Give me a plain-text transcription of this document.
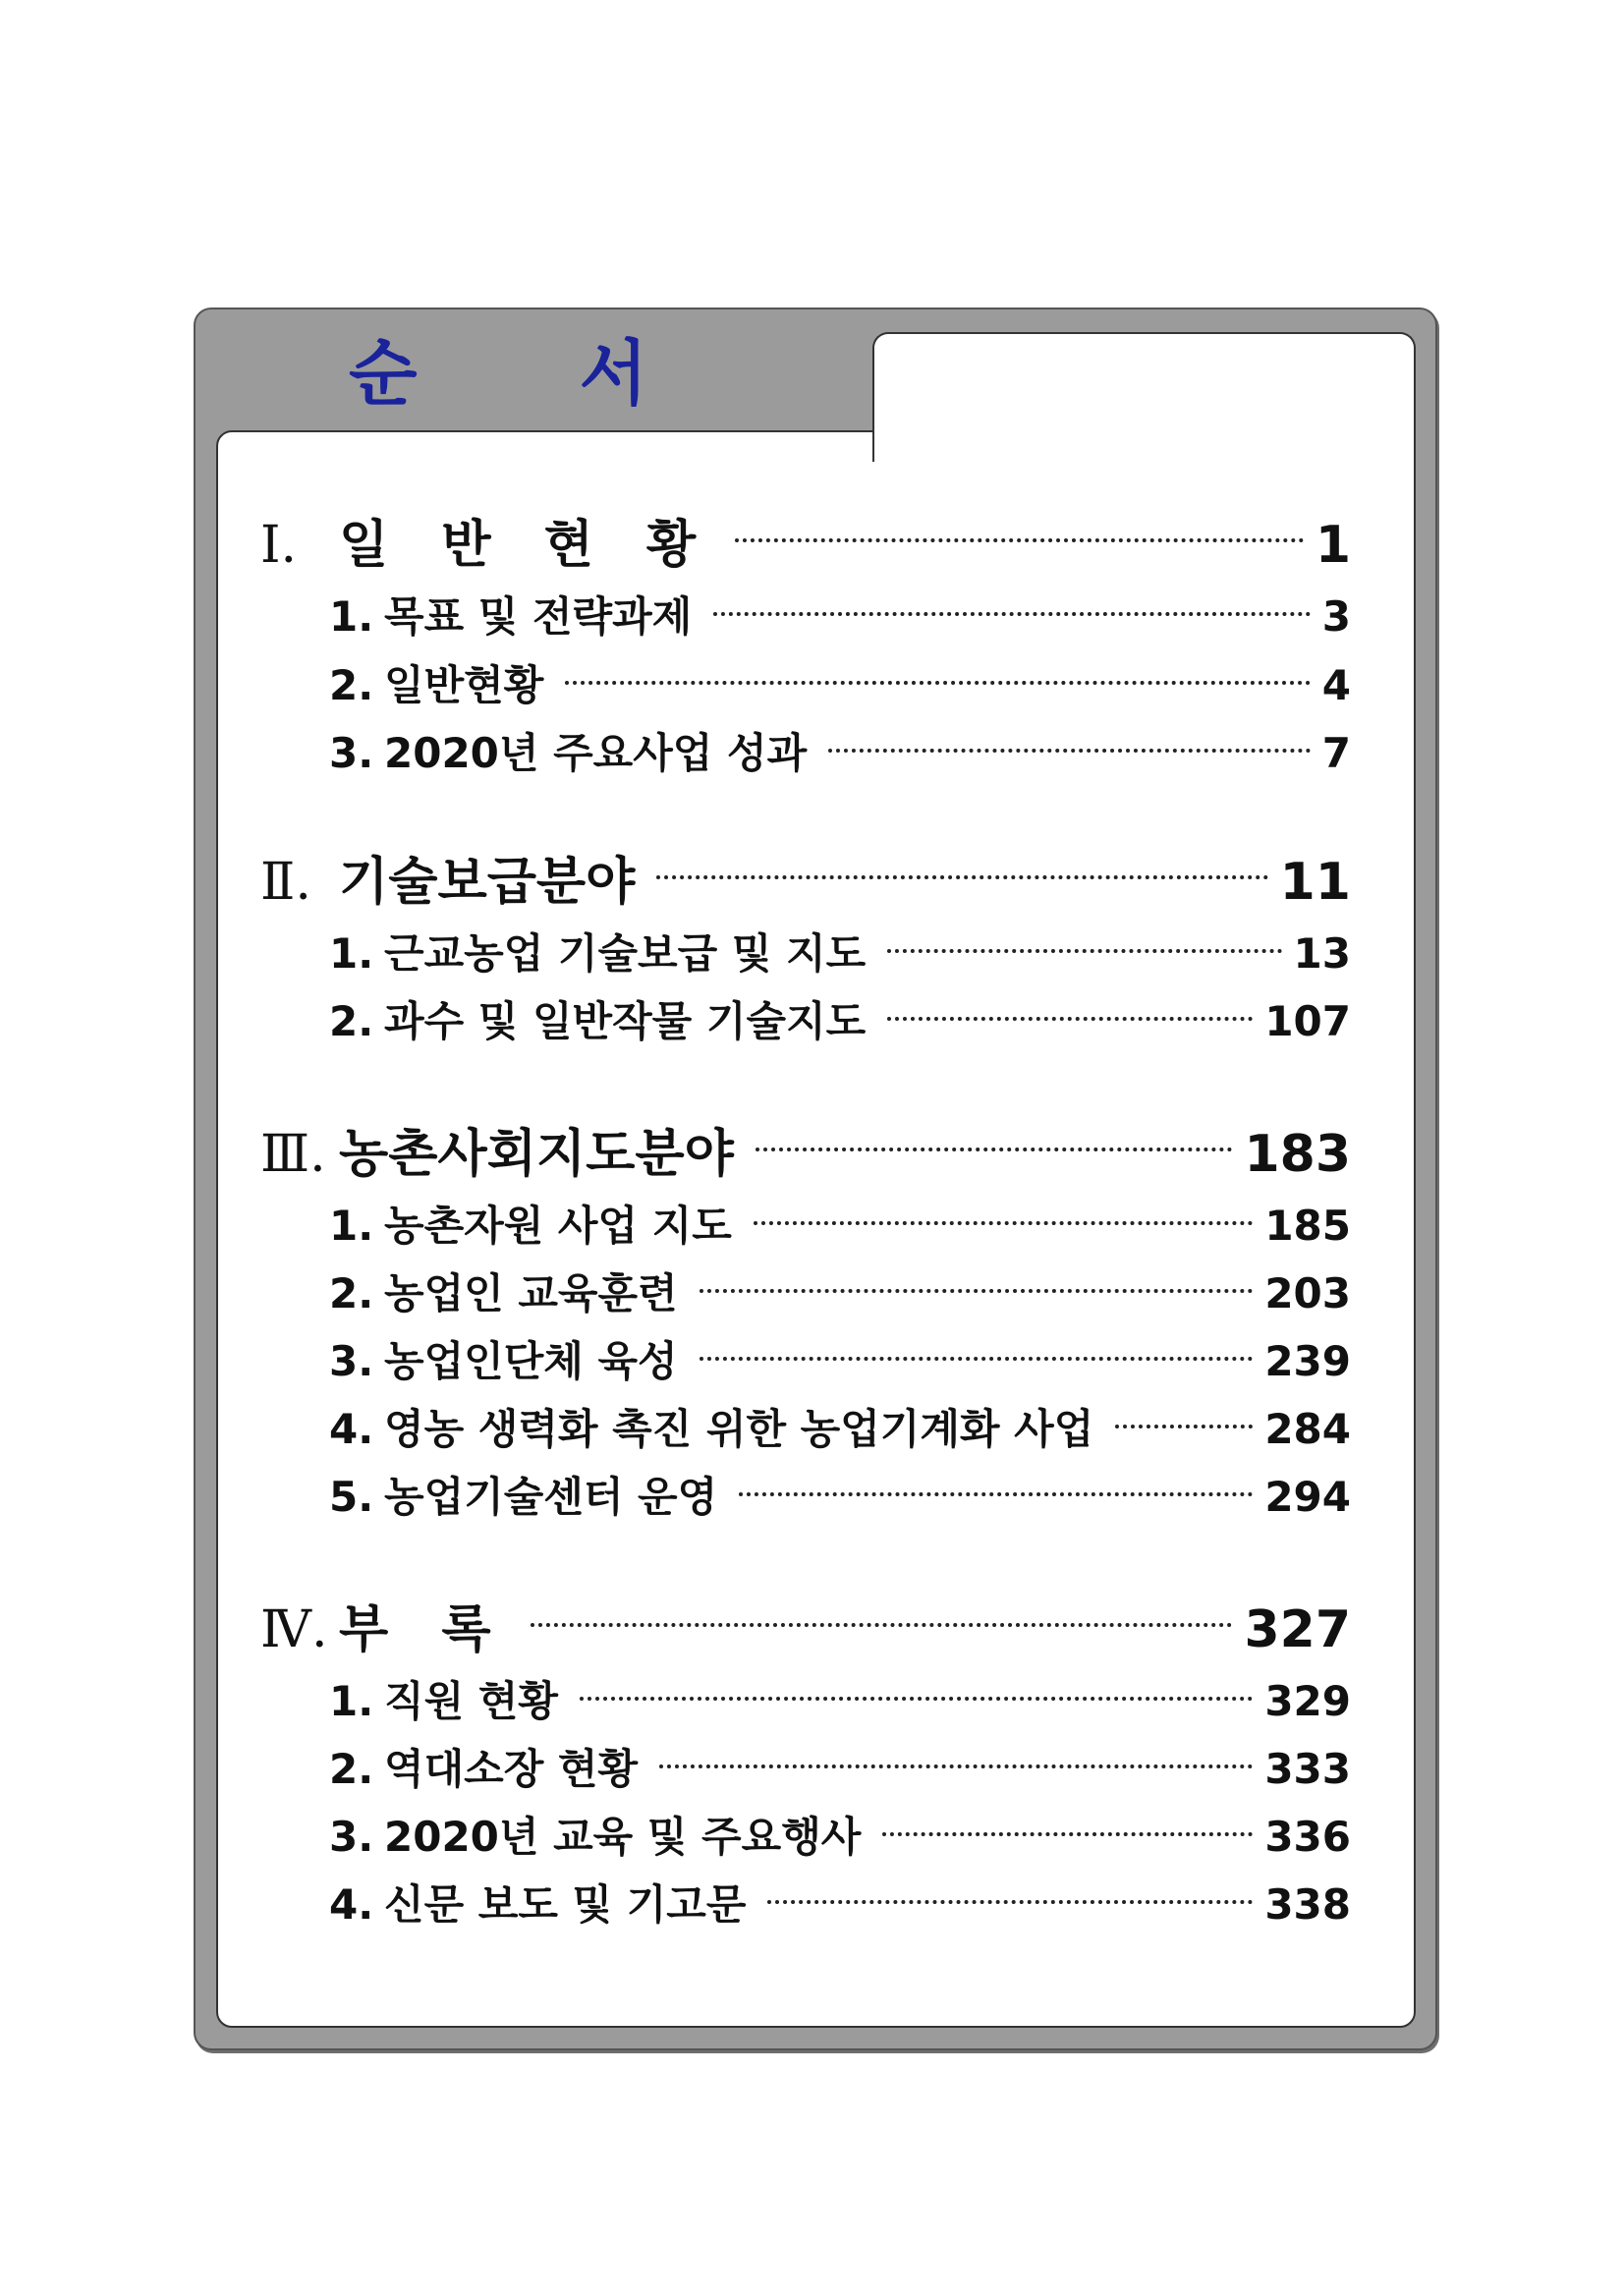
순 서
Ⅰ. 일 반 현 황	1
1. 목표 및 전략과제	3
2. 일반현황	4
3. 2020년 주요사업 성과	7
Ⅱ. 기술보급분야	11
1. 근교농업 기술보급 및 지도	13
2. 과수 및 일반작물 기술지도	107
Ⅲ. 농촌사회지도분야	183
1. 농촌자원 사업 지도	185
2. 농업인 교육훈련	203
3. 농업인단체 육성	239
4. 영농 생력화 촉진 위한 농업기계화 사업	284
5. 농업기술센터 운영	294
Ⅳ. 부 록	327
1. 직원 현황	329
2. 역대소장 현황	333
3. 2020년 교육 및 주요행사	336
4. 신문 보도 및 기고문	338
